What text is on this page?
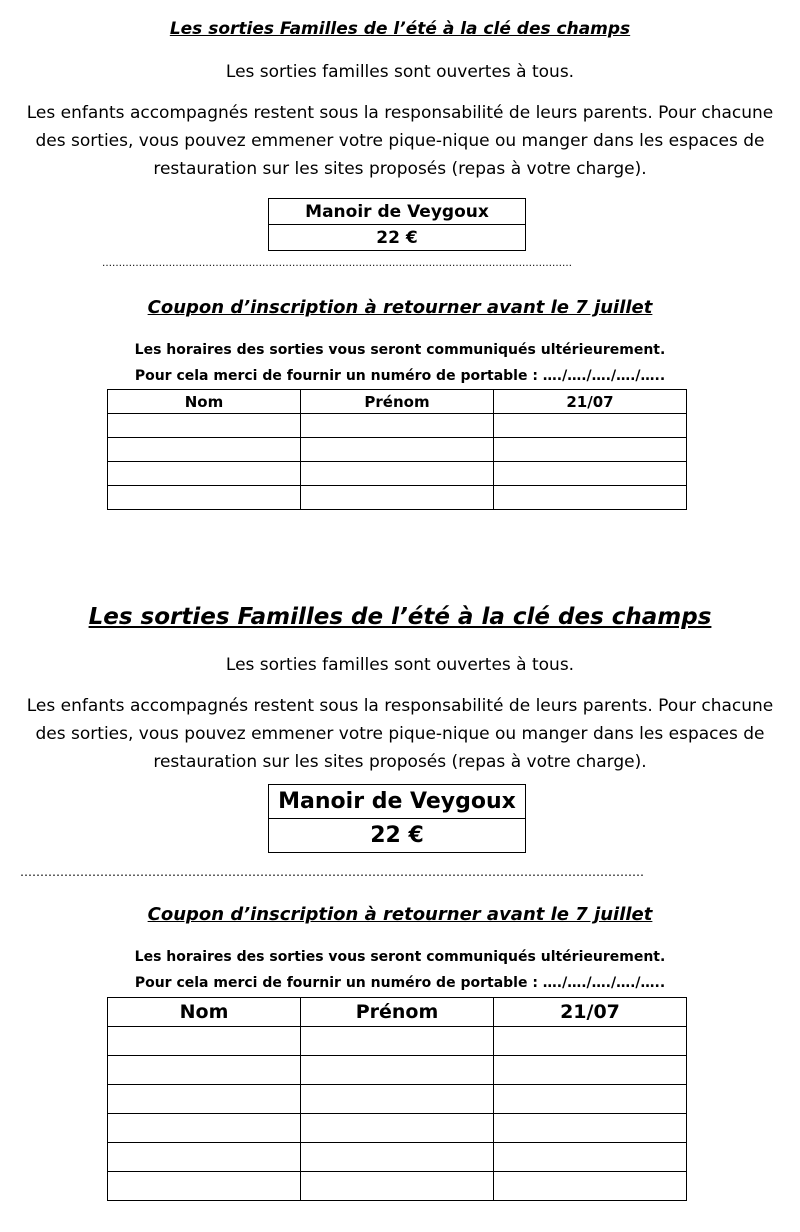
Les sorties Familles de l’été à la clé des champs
Les sorties familles sont ouvertes à tous.
Les enfants accompagnés restent sous la responsabilité de leurs parents. Pour chacune
des sorties, vous pouvez emmener votre pique-nique ou manger dans les espaces de
restauration sur les sites proposés (repas à votre charge).
Manoir de Veygoux
22 €
……………………………………………………………………………………………………………………………
Coupon d’inscription à retourner avant le 7 juillet
Les horaires des sorties vous seront communiqués ultérieurement.
Pour cela merci de fournir un numéro de portable : …./…./…./…./…..
Nom	Prénom	21/07

Les sorties Familles de l’été à la clé des champs
Les sorties familles sont ouvertes à tous.
Les enfants accompagnés restent sous la responsabilité de leurs parents. Pour chacune
des sorties, vous pouvez emmener votre pique-nique ou manger dans les espaces de
restauration sur les sites proposés (repas à votre charge).
Manoir de Veygoux
22 €
…………………………………………………………………………………………………………………………………………
Coupon d’inscription à retourner avant le 7 juillet
Les horaires des sorties vous seront communiqués ultérieurement.
Pour cela merci de fournir un numéro de portable : …./…./…./…./…..
Nom	Prénom	21/07
